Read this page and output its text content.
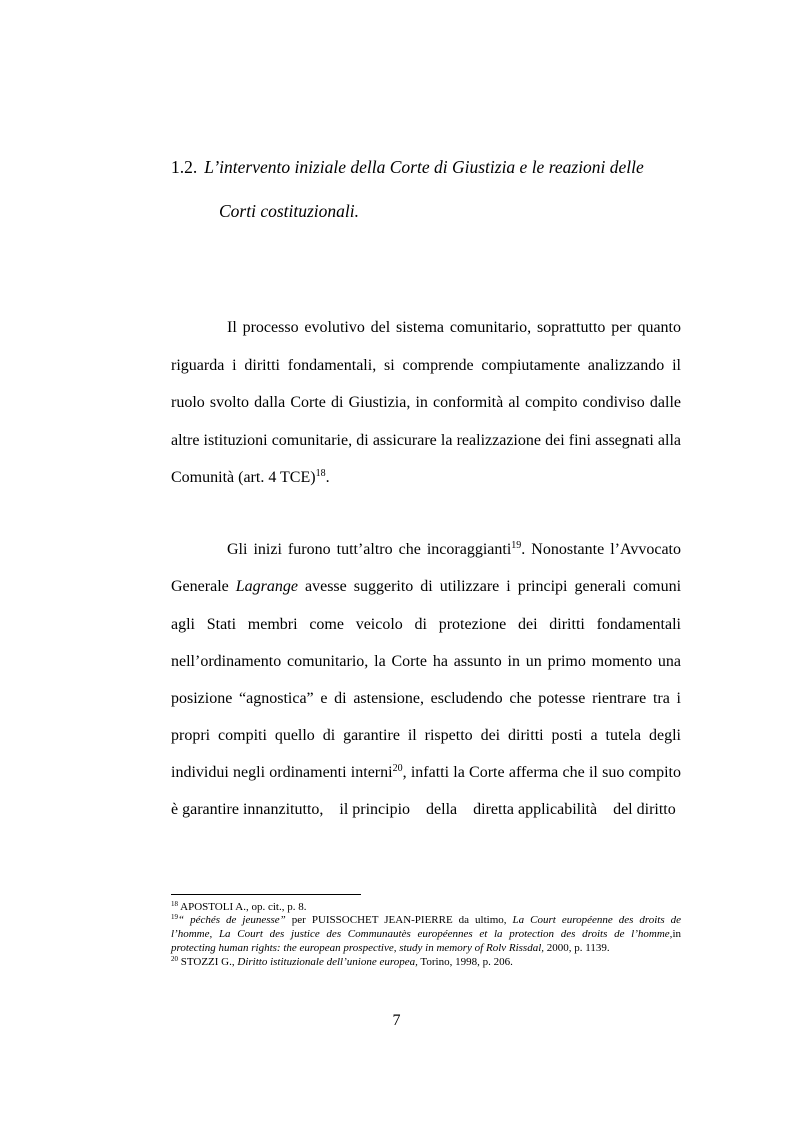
1.2. L’intervento iniziale della Corte di Giustizia e le reazioni delle
Corti costituzionali.
Il processo evolutivo del sistema comunitario, soprattutto per quanto
riguarda i diritti fondamentali, si comprende compiutamente analizzando il
ruolo svolto dalla Corte di Giustizia, in conformità al compito condiviso dalle
altre istituzioni comunitarie, di assicurare la realizzazione dei fini assegnati alla
Comunità (art. 4 TCE)$^{18}$.
Gli inizi furono tutt’altro che incoraggianti$^{19}$. Nonostante l’Avvocato
Generale Lagrange avesse suggerito di utilizzare i principi generali comuni
agli Stati membri come veicolo di protezione dei diritti fondamentali
nell’ordinamento comunitario, la Corte ha assunto in un primo momento una
posizione “agnostica” e di astensione, escludendo che potesse rientrare tra i
propri compiti quello di garantire il rispetto dei diritti posti a tutela degli
individui negli ordinamenti interni$^{20}$, infatti la Corte afferma che il suo compito
è garantire innanzitutto,    il principio    della    diretta applicabilità    del diritto
$^{18}$ APOSTOLI A., op. cit., p. 8.
$^{19}$“ péchés de jeunesse” per PUISSOCHET JEAN-PIERRE da ultimo, La Court européenne des droits de
l’homme, La Court des justice des Communautès européennes et la protection des droits de l’homme,in
protecting human rights: the european prospective, study in memory of Rolv Rissdal, 2000, p. 1139.
$^{20}$ STOZZI G., Diritto istituzionale dell’unione europea, Torino, 1998, p. 206.
7
